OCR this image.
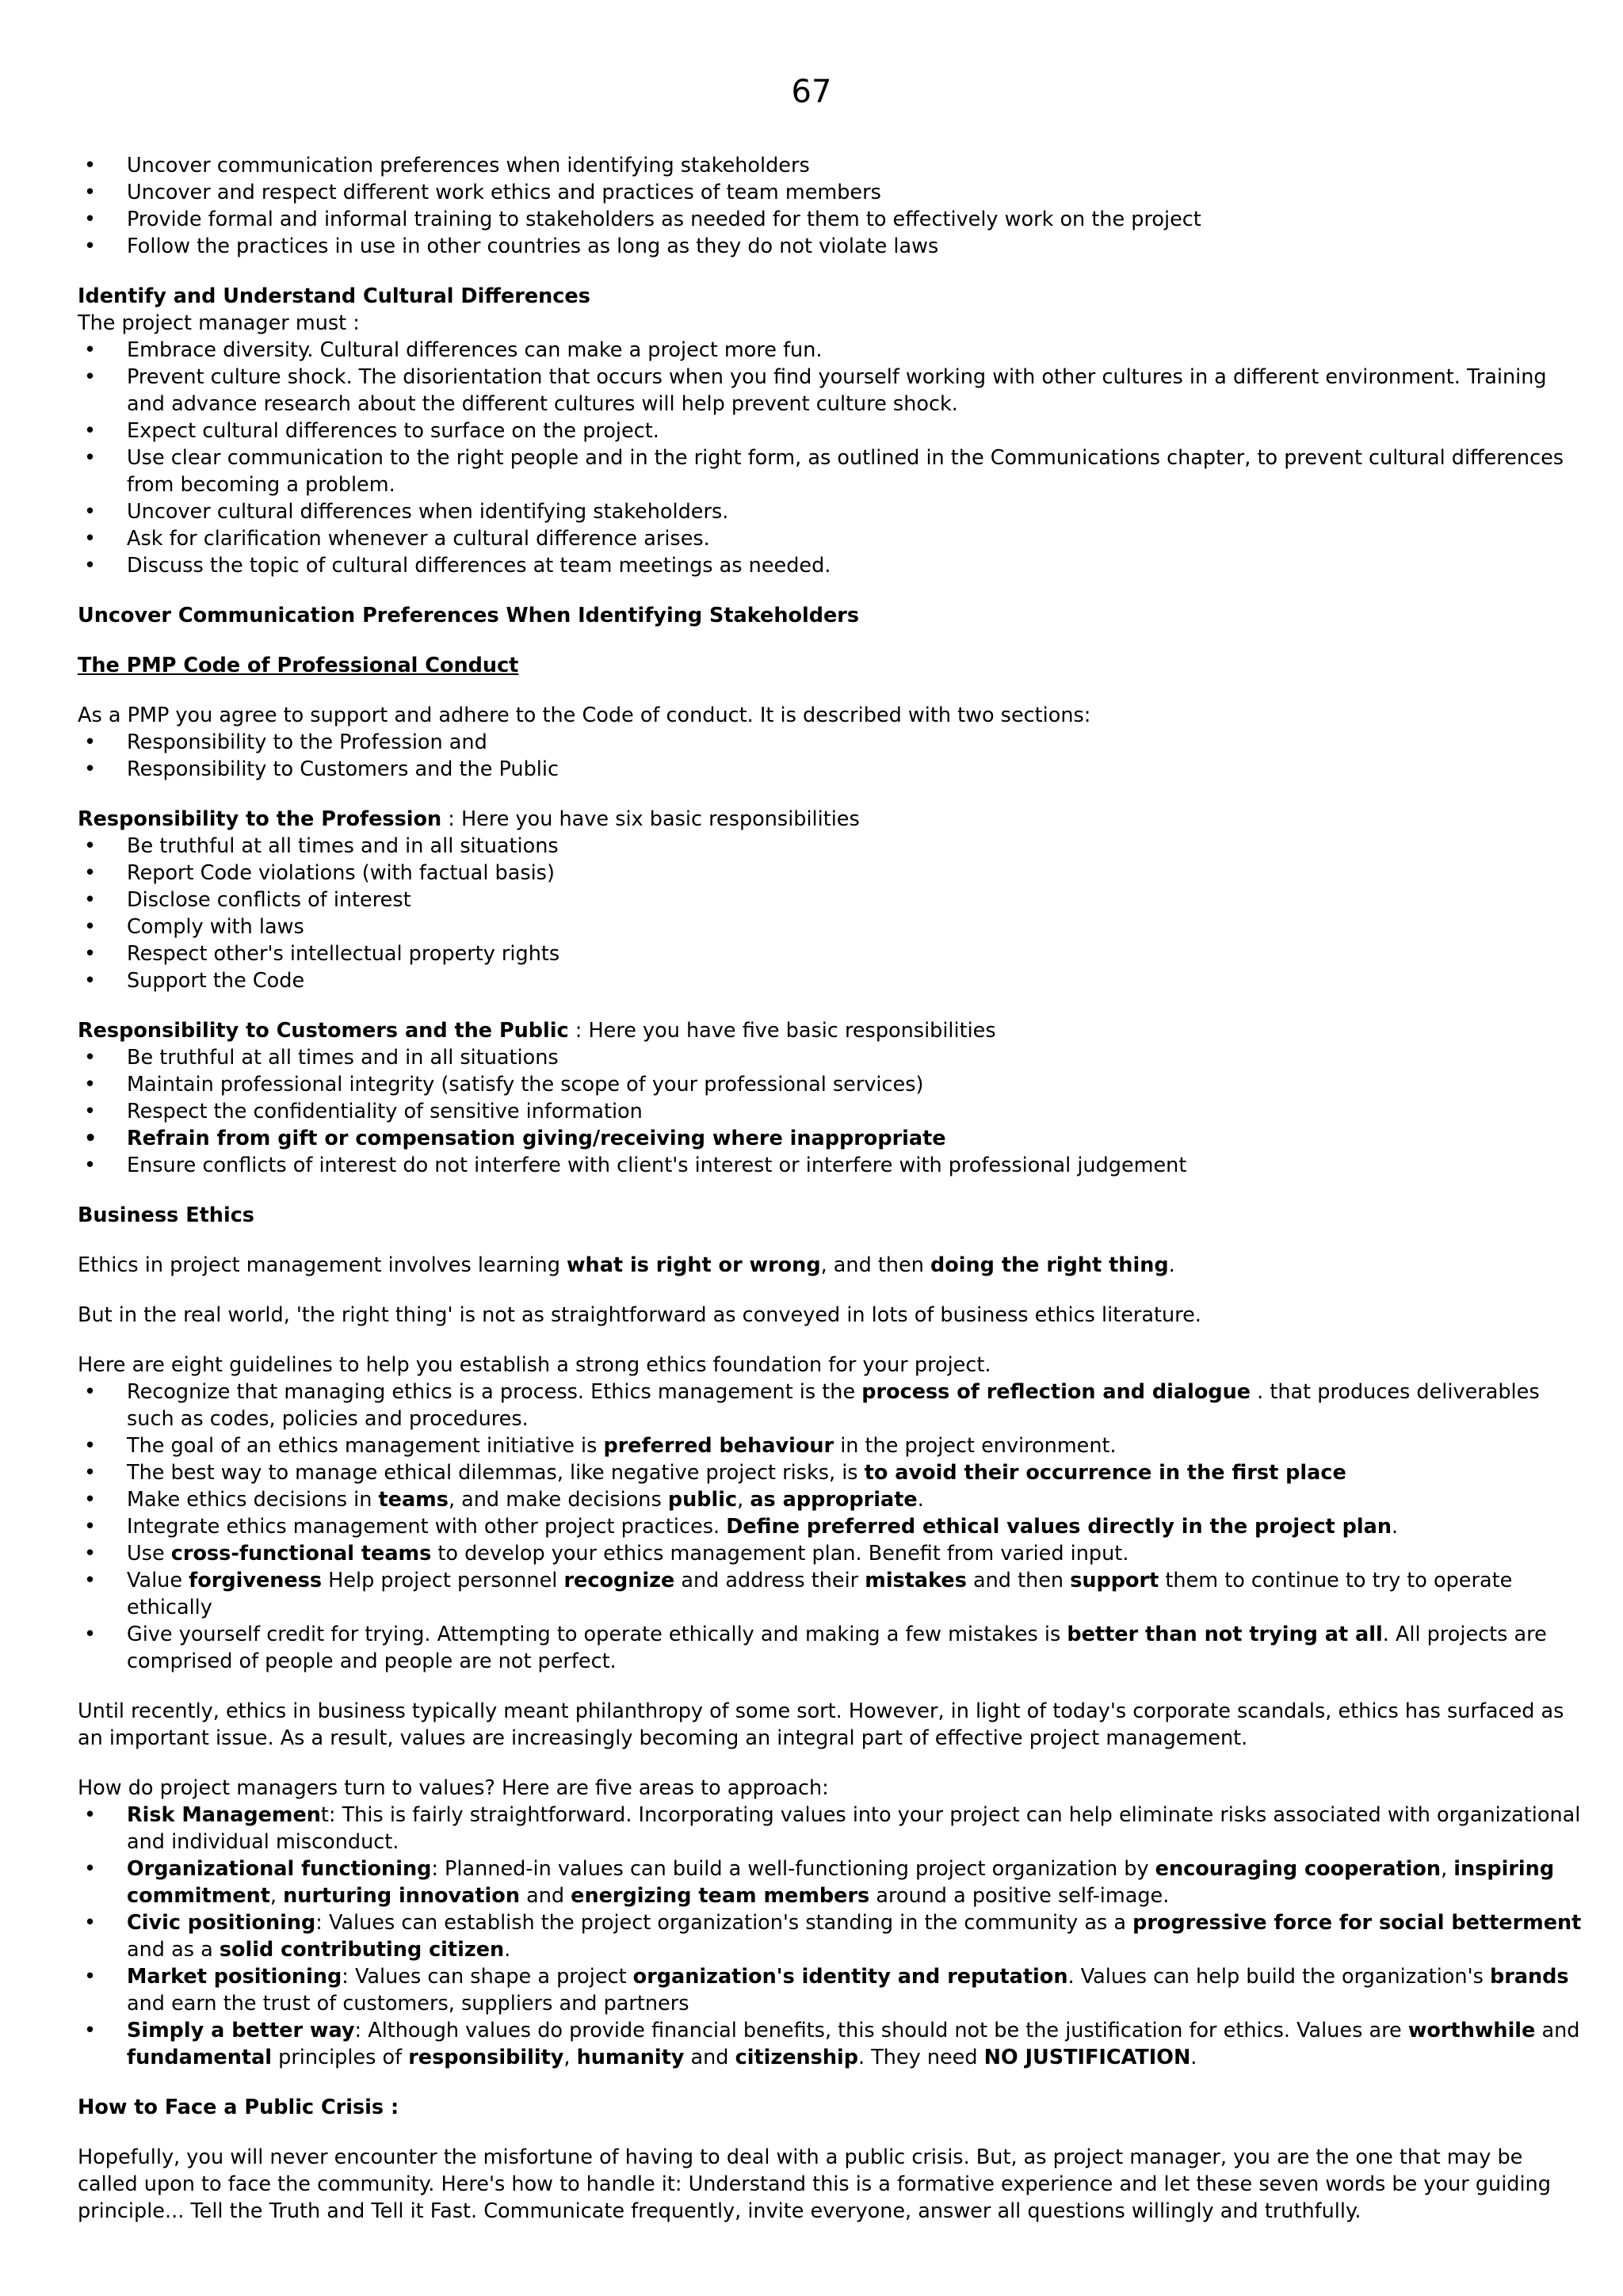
67
• Uncover communication preferences when identifying stakeholders
• Uncover and respect different work ethics and practices of team members
• Provide formal and informal training to stakeholders as needed for them to effectively work on the project
• Follow the practices in use in other countries as long as they do not violate laws

Identify and Understand Cultural Differences

The project manager must :

• Embrace diversity. Cultural differences can make a project more fun.
• Prevent culture shock. The disorientation that occurs when you find yourself working with other cultures in a different environment. Training and advance research about the different cultures will help prevent culture shock.
• Expect cultural differences to surface on the project.
• Use clear communication to the right people and in the right form, as outlined in the Communications chapter, to prevent cultural differences from becoming a problem.
• Uncover cultural differences when identifying stakeholders.
• Ask for clarification whenever a cultural difference arises.
• Discuss the topic of cultural differences at team meetings as needed.

Uncover Communication Preferences When Identifying Stakeholders

The PMP Code of Professional Conduct

As a PMP you agree to support and adhere to the Code of conduct. It is described with two sections:

• Responsibility to the Profession and
• Responsibility to Customers and the Public

Responsibility to the Profession : Here you have six basic responsibilities

• Be truthful at all times and in all situations
• Report Code violations (with factual basis)
• Disclose conflicts of interest
• Comply with laws
• Respect other's intellectual property rights
• Support the Code

Responsibility to Customers and the Public : Here you have five basic responsibilities

• Be truthful at all times and in all situations
• Maintain professional integrity (satisfy the scope of your professional services)
• Respect the confidentiality of sensitive information
• Refrain from gift or compensation giving/receiving where inappropriate
• Ensure conflicts of interest do not interfere with client's interest or interfere with professional judgement

Business Ethics

Ethics in project management involves learning what is right or wrong, and then doing the right thing.

But in the real world, 'the right thing' is not as straightforward as conveyed in lots of business ethics literature.

Here are eight guidelines to help you establish a strong ethics foundation for your project.

• Recognize that managing ethics is a process. Ethics management is the process of reflection and dialogue . that produces deliverables such as codes, policies and procedures.
• The goal of an ethics management initiative is preferred behaviour in the project environment.
• The best way to manage ethical dilemmas, like negative project risks, is to avoid their occurrence in the first place
• Make ethics decisions in teams, and make decisions public, as appropriate.
• Integrate ethics management with other project practices. Define preferred ethical values directly in the project plan.
• Use cross-functional teams to develop your ethics management plan. Benefit from varied input.
• Value forgiveness Help project personnel recognize and address their mistakes and then support them to continue to try to operate ethically
• Give yourself credit for trying. Attempting to operate ethically and making a few mistakes is better than not trying at all. All projects are comprised of people and people are not perfect.

Until recently, ethics in business typically meant philanthropy of some sort. However, in light of today's corporate scandals, ethics has surfaced as an important issue. As a result, values are increasingly becoming an integral part of effective project management.

How do project managers turn to values? Here are five areas to approach:

• Risk Management: This is fairly straightforward. Incorporating values into your project can help eliminate risks associated with organizational and individual misconduct.
• Organizational functioning: Planned-in values can build a well-functioning project organization by encouraging cooperation, inspiring commitment, nurturing innovation and energizing team members around a positive self-image.
• Civic positioning: Values can establish the project organization's standing in the community as a progressive force for social betterment and as a solid contributing citizen.
• Market positioning: Values can shape a project organization's identity and reputation. Values can help build the organization's brands and earn the trust of customers, suppliers and partners
• Simply a better way: Although values do provide financial benefits, this should not be the justification for ethics. Values are worthwhile and fundamental principles of responsibility, humanity and citizenship. They need NO JUSTIFICATION.

How to Face a Public Crisis :

Hopefully, you will never encounter the misfortune of having to deal with a public crisis. But, as project manager, you are the one that may be called upon to face the community. Here's how to handle it: Understand this is a formative experience and let these seven words be your guiding principle... Tell the Truth and Tell it Fast. Communicate frequently, invite everyone, answer all questions willingly and truthfully.
